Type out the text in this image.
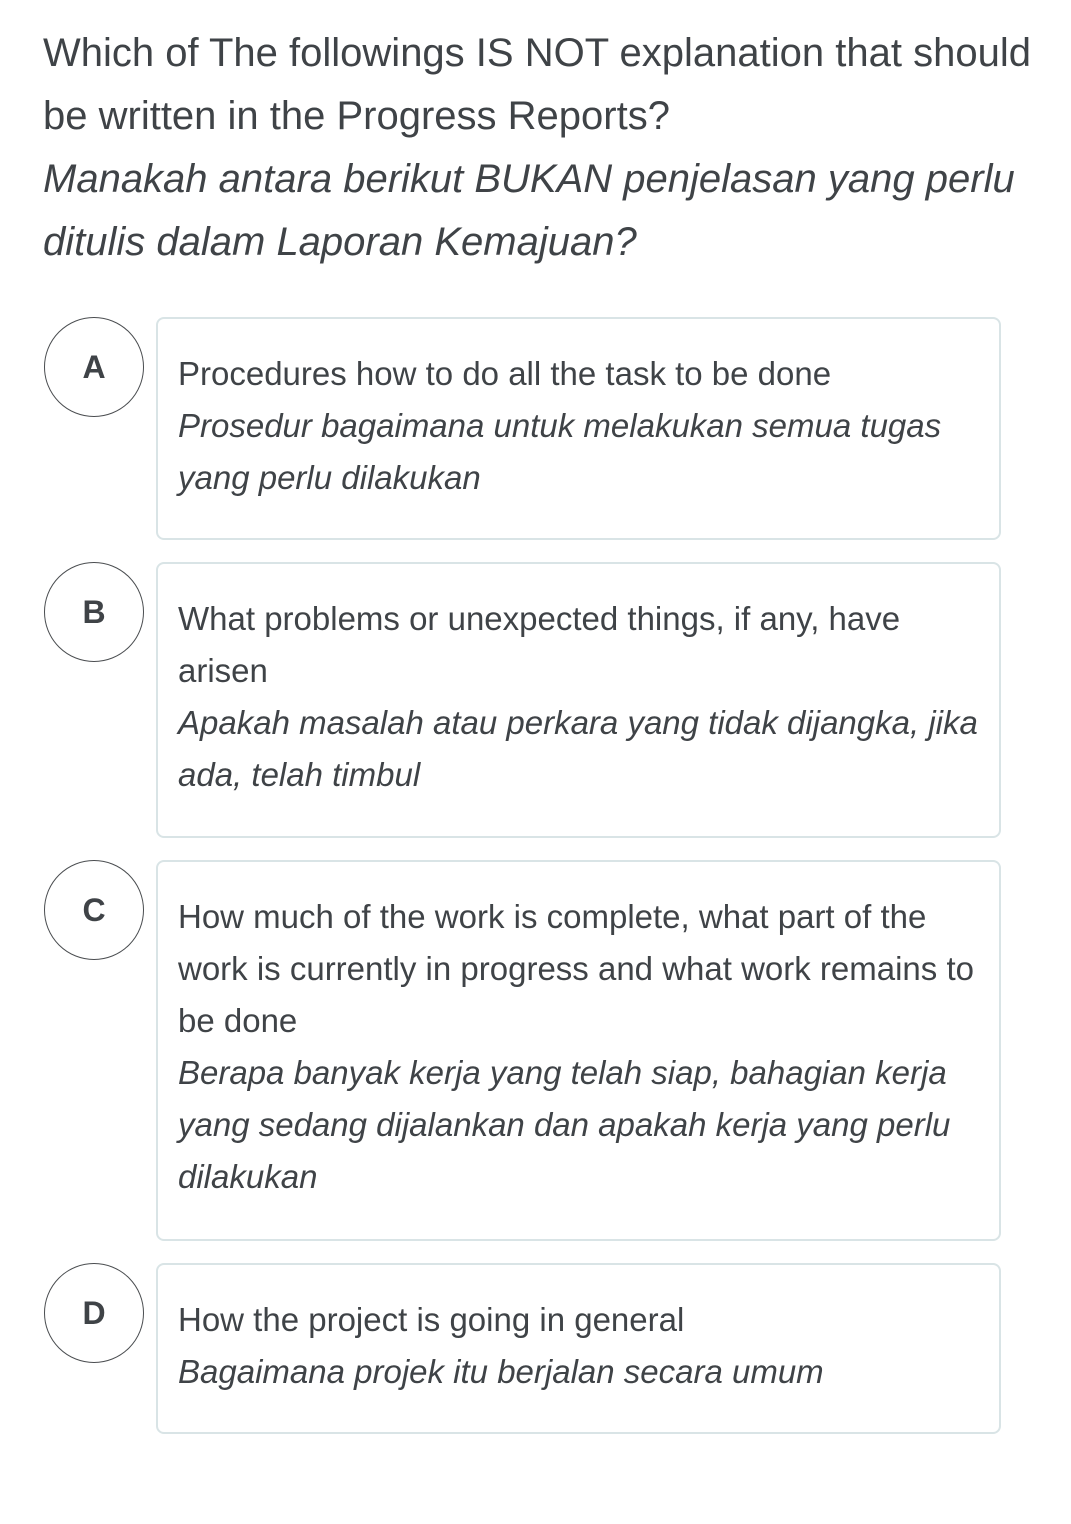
Which of The followings IS NOT explanation that should be written in the Progress Reports?
Manakah antara berikut BUKAN penjelasan yang perlu ditulis dalam Laporan Kemajuan?
A Procedures how to do all the task to be done
Prosedur bagaimana untuk melakukan semua tugas yang perlu dilakukan
B What problems or unexpected things, if any, have arisen
Apakah masalah atau perkara yang tidak dijangka, jika ada, telah timbul
C How much of the work is complete, what part of the work is currently in progress and what work remains to be done
Berapa banyak kerja yang telah siap, bahagian kerja yang sedang dijalankan dan apakah kerja yang perlu dilakukan
D How the project is going in general
Bagaimana projek itu berjalan secara umum
